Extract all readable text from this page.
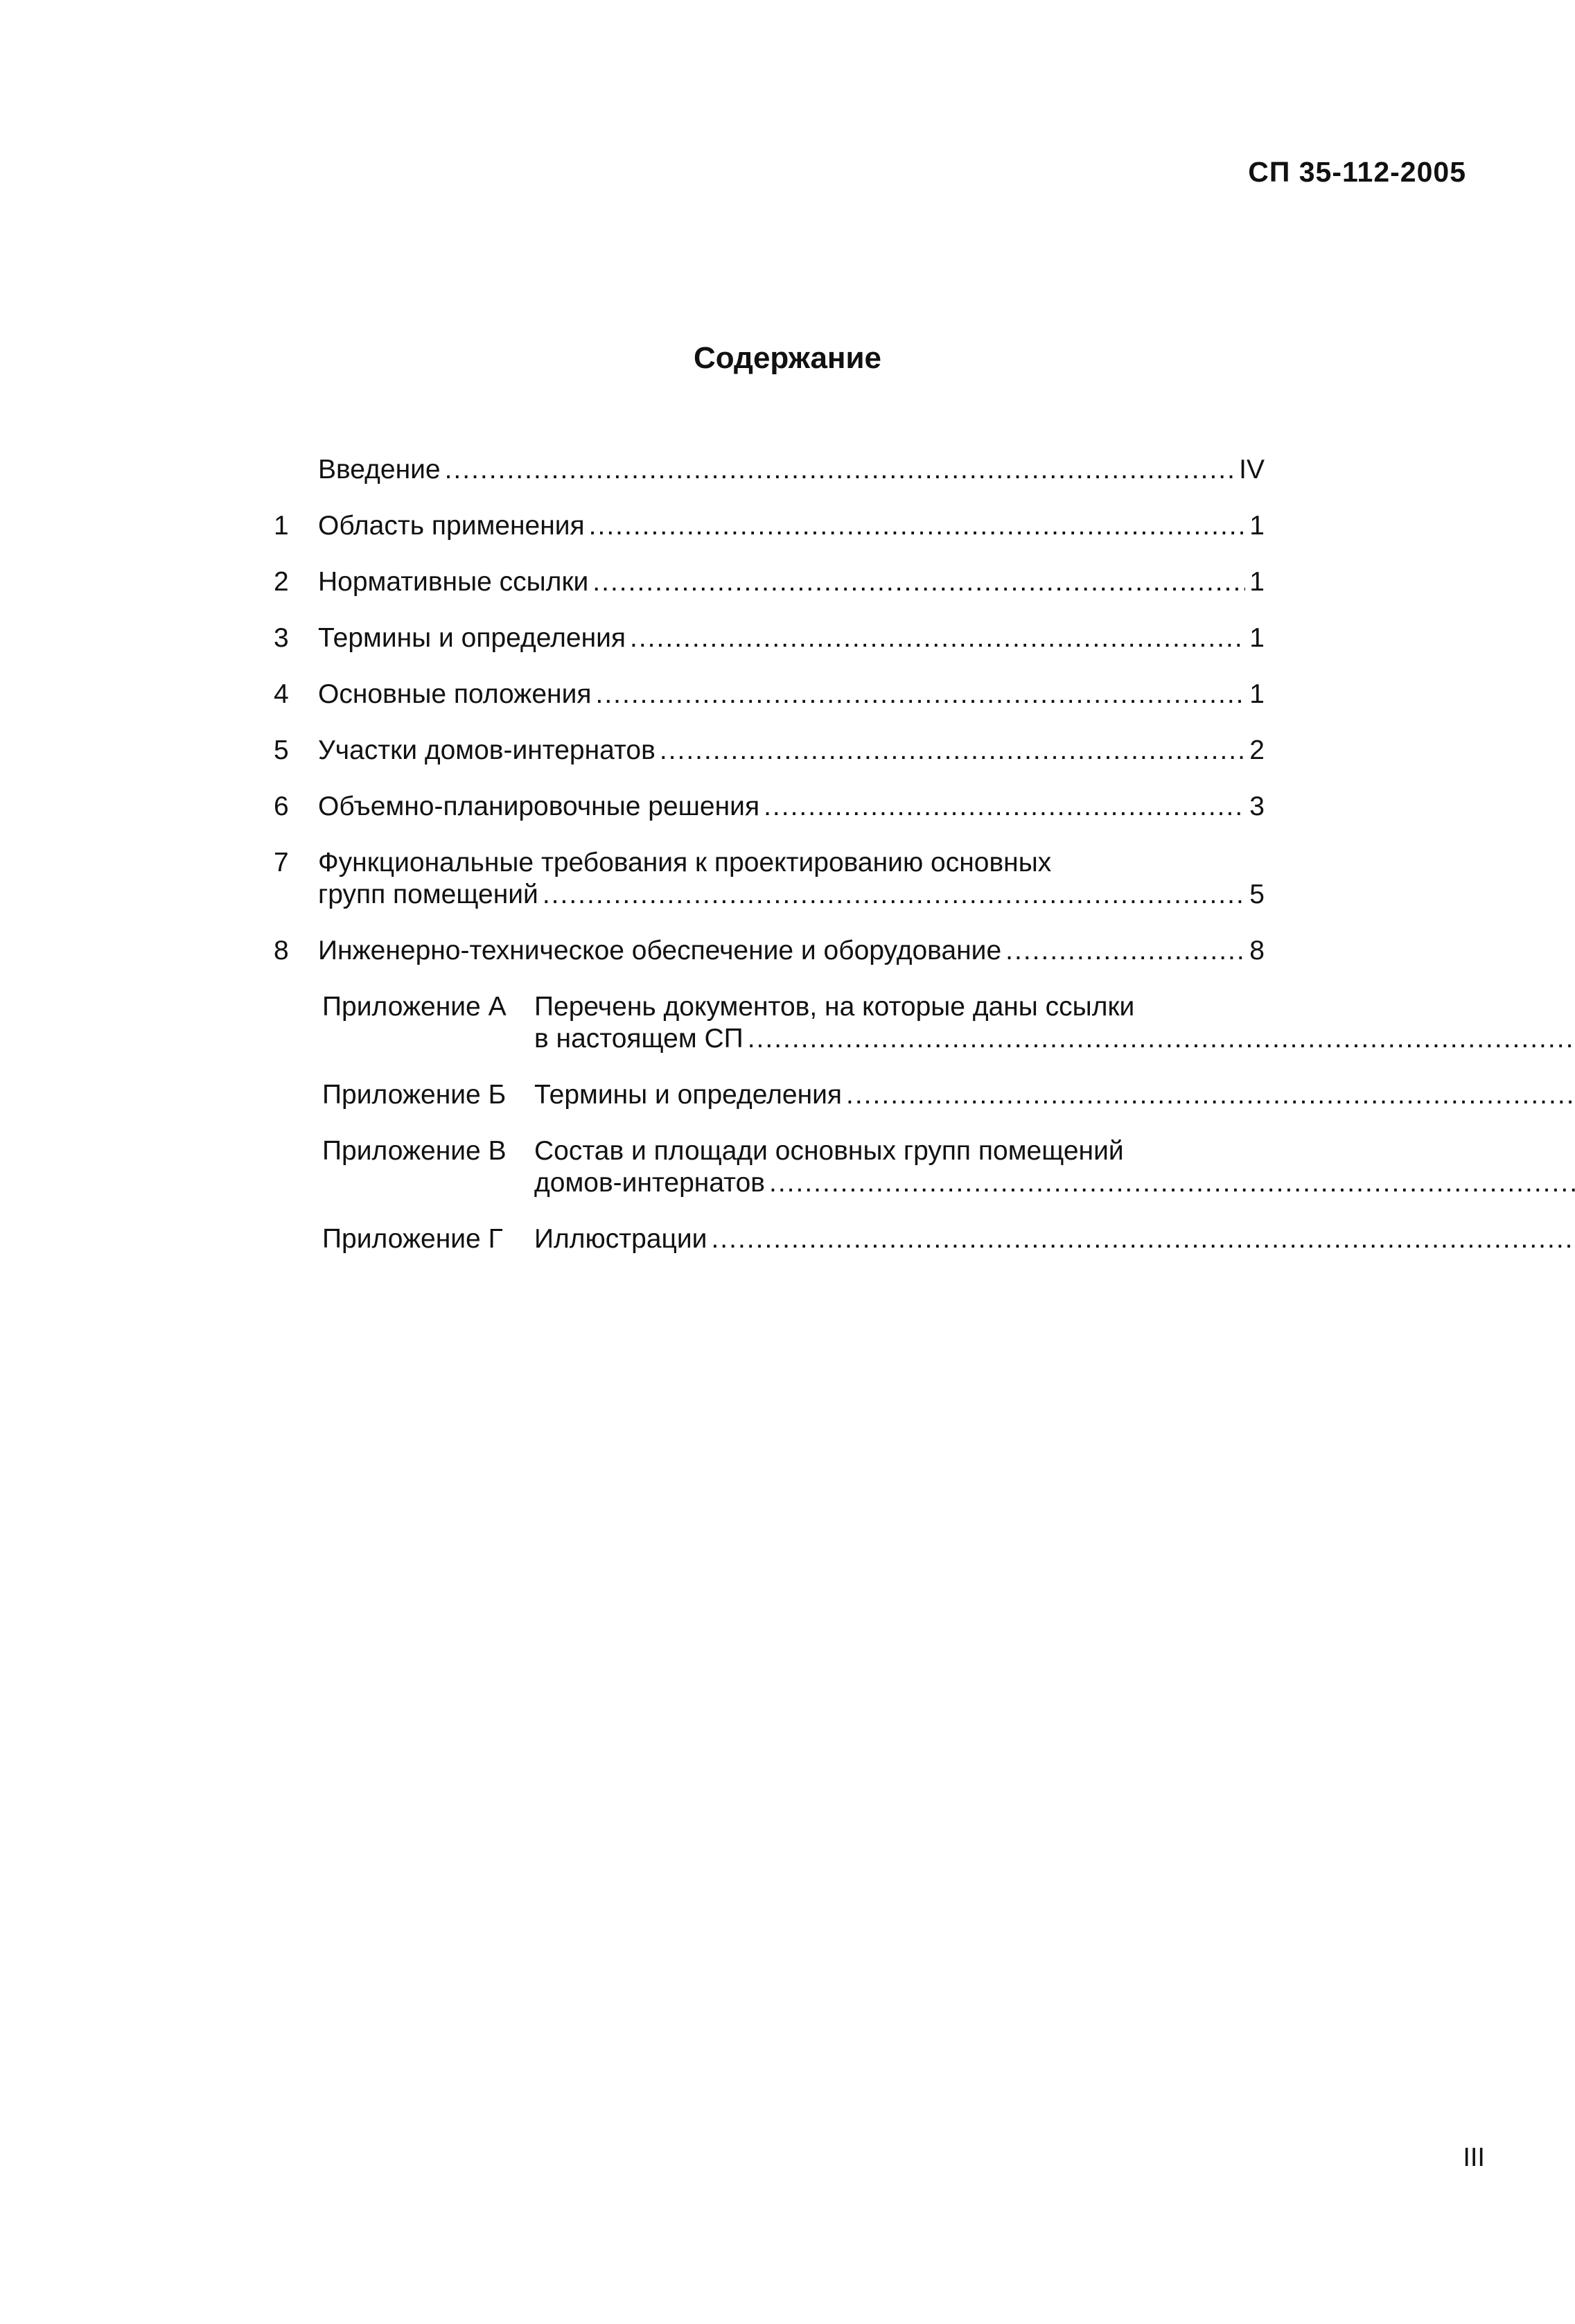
СП 35-112-2005
Содержание
Введение .....	IV
1	Область применения .....	1
2	Нормативные ссылки .....	1
3	Термины и определения .....	1
4	Основные положения .....	1
5	Участки домов-интернатов .....	2
6	Объемно-планировочные решения .....	3
7	Функциональные требования к проектированию основных
групп помещений .....	5
8	Инженерно-техническое обеспечение и оборудование .....	8
Приложение А	Перечень документов, на которые даны ссылки
в настоящем СП
.....
Приложение Б	Термины и определения
.....
Приложение В	Состав и площади основных групп помещений
домов-интернатов
.....
Приложение Г	Иллюстрации
.....
III
